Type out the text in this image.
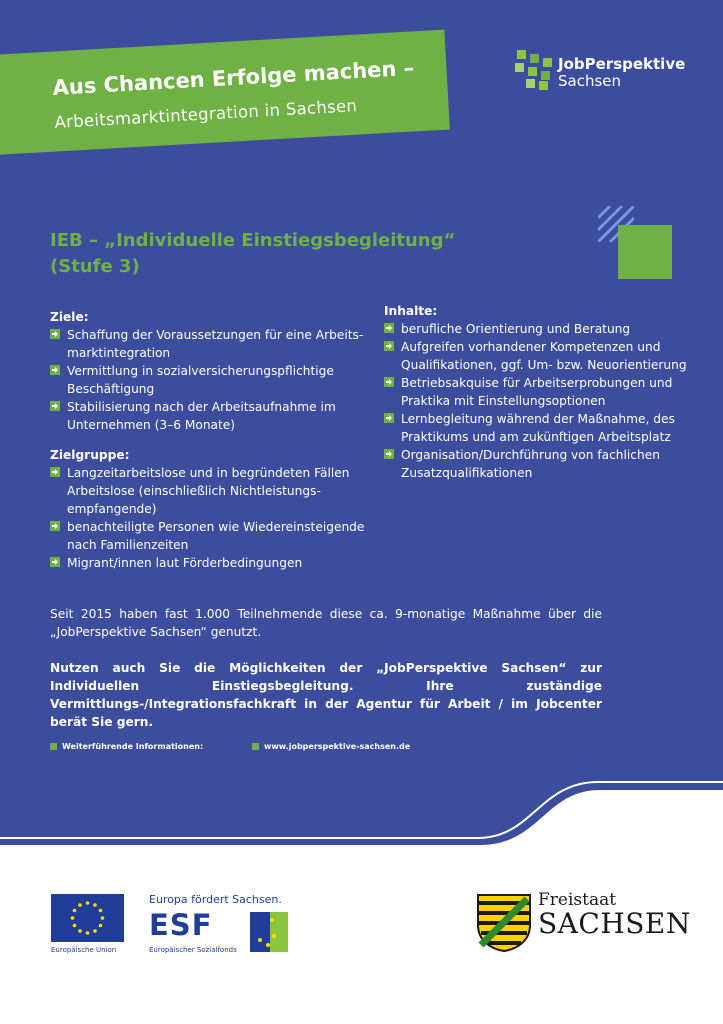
Aus Chancen Erfolge machen –
Arbeitsmarktintegration in Sachsen
JobPerspektive
Sachsen
IEB – „Individuelle Einstiegsbegleitung“
(Stufe 3)
Ziele:
Schaffung der Voraussetzungen für eine Arbeits-marktintegration
Vermittlung in sozialversicherungspflichtige Beschäftigung
Stabilisierung nach der Arbeitsaufnahme im Unternehmen (3–6 Monate)
Zielgruppe:
Langzeitarbeitslose und in begründeten Fällen Arbeitslose (einschließlich Nichtleistungs-empfangende)
benachteiligte Personen wie Wiedereinsteigende nach Familienzeiten
Migrant/innen laut Förderbedingungen
Inhalte:
berufliche Orientierung und Beratung
Aufgreifen vorhandener Kompetenzen und Qualifikationen, ggf. Um- bzw. Neuorientierung
Betriebsakquise für Arbeitserprobungen und Praktika mit Einstellungsoptionen
Lernbegleitung während der Maßnahme, des Praktikums und am zukünftigen Arbeitsplatz
Organisation/Durchführung von fachlichen Zusatzqualifikationen
Seit 2015 haben fast 1.000 Teilnehmende diese ca. 9-monatige Maßnahme über die „JobPerspektive Sachsen“ genutzt.
Nutzen auch Sie die Möglichkeiten der „JobPerspektive Sachsen“ zur Individuellen Einstiegsbegleitung. Ihre zuständige Vermittlungs-/Integrationsfachkraft in der Agentur für Arbeit / im Jobcenter berät Sie gern.
Weiterführende Informationen:	www.jobperspektive-sachsen.de
Europäische Union
Europa fördert Sachsen.
ESF
Europäischer Sozialfonds
Freistaat
SACHSEN
